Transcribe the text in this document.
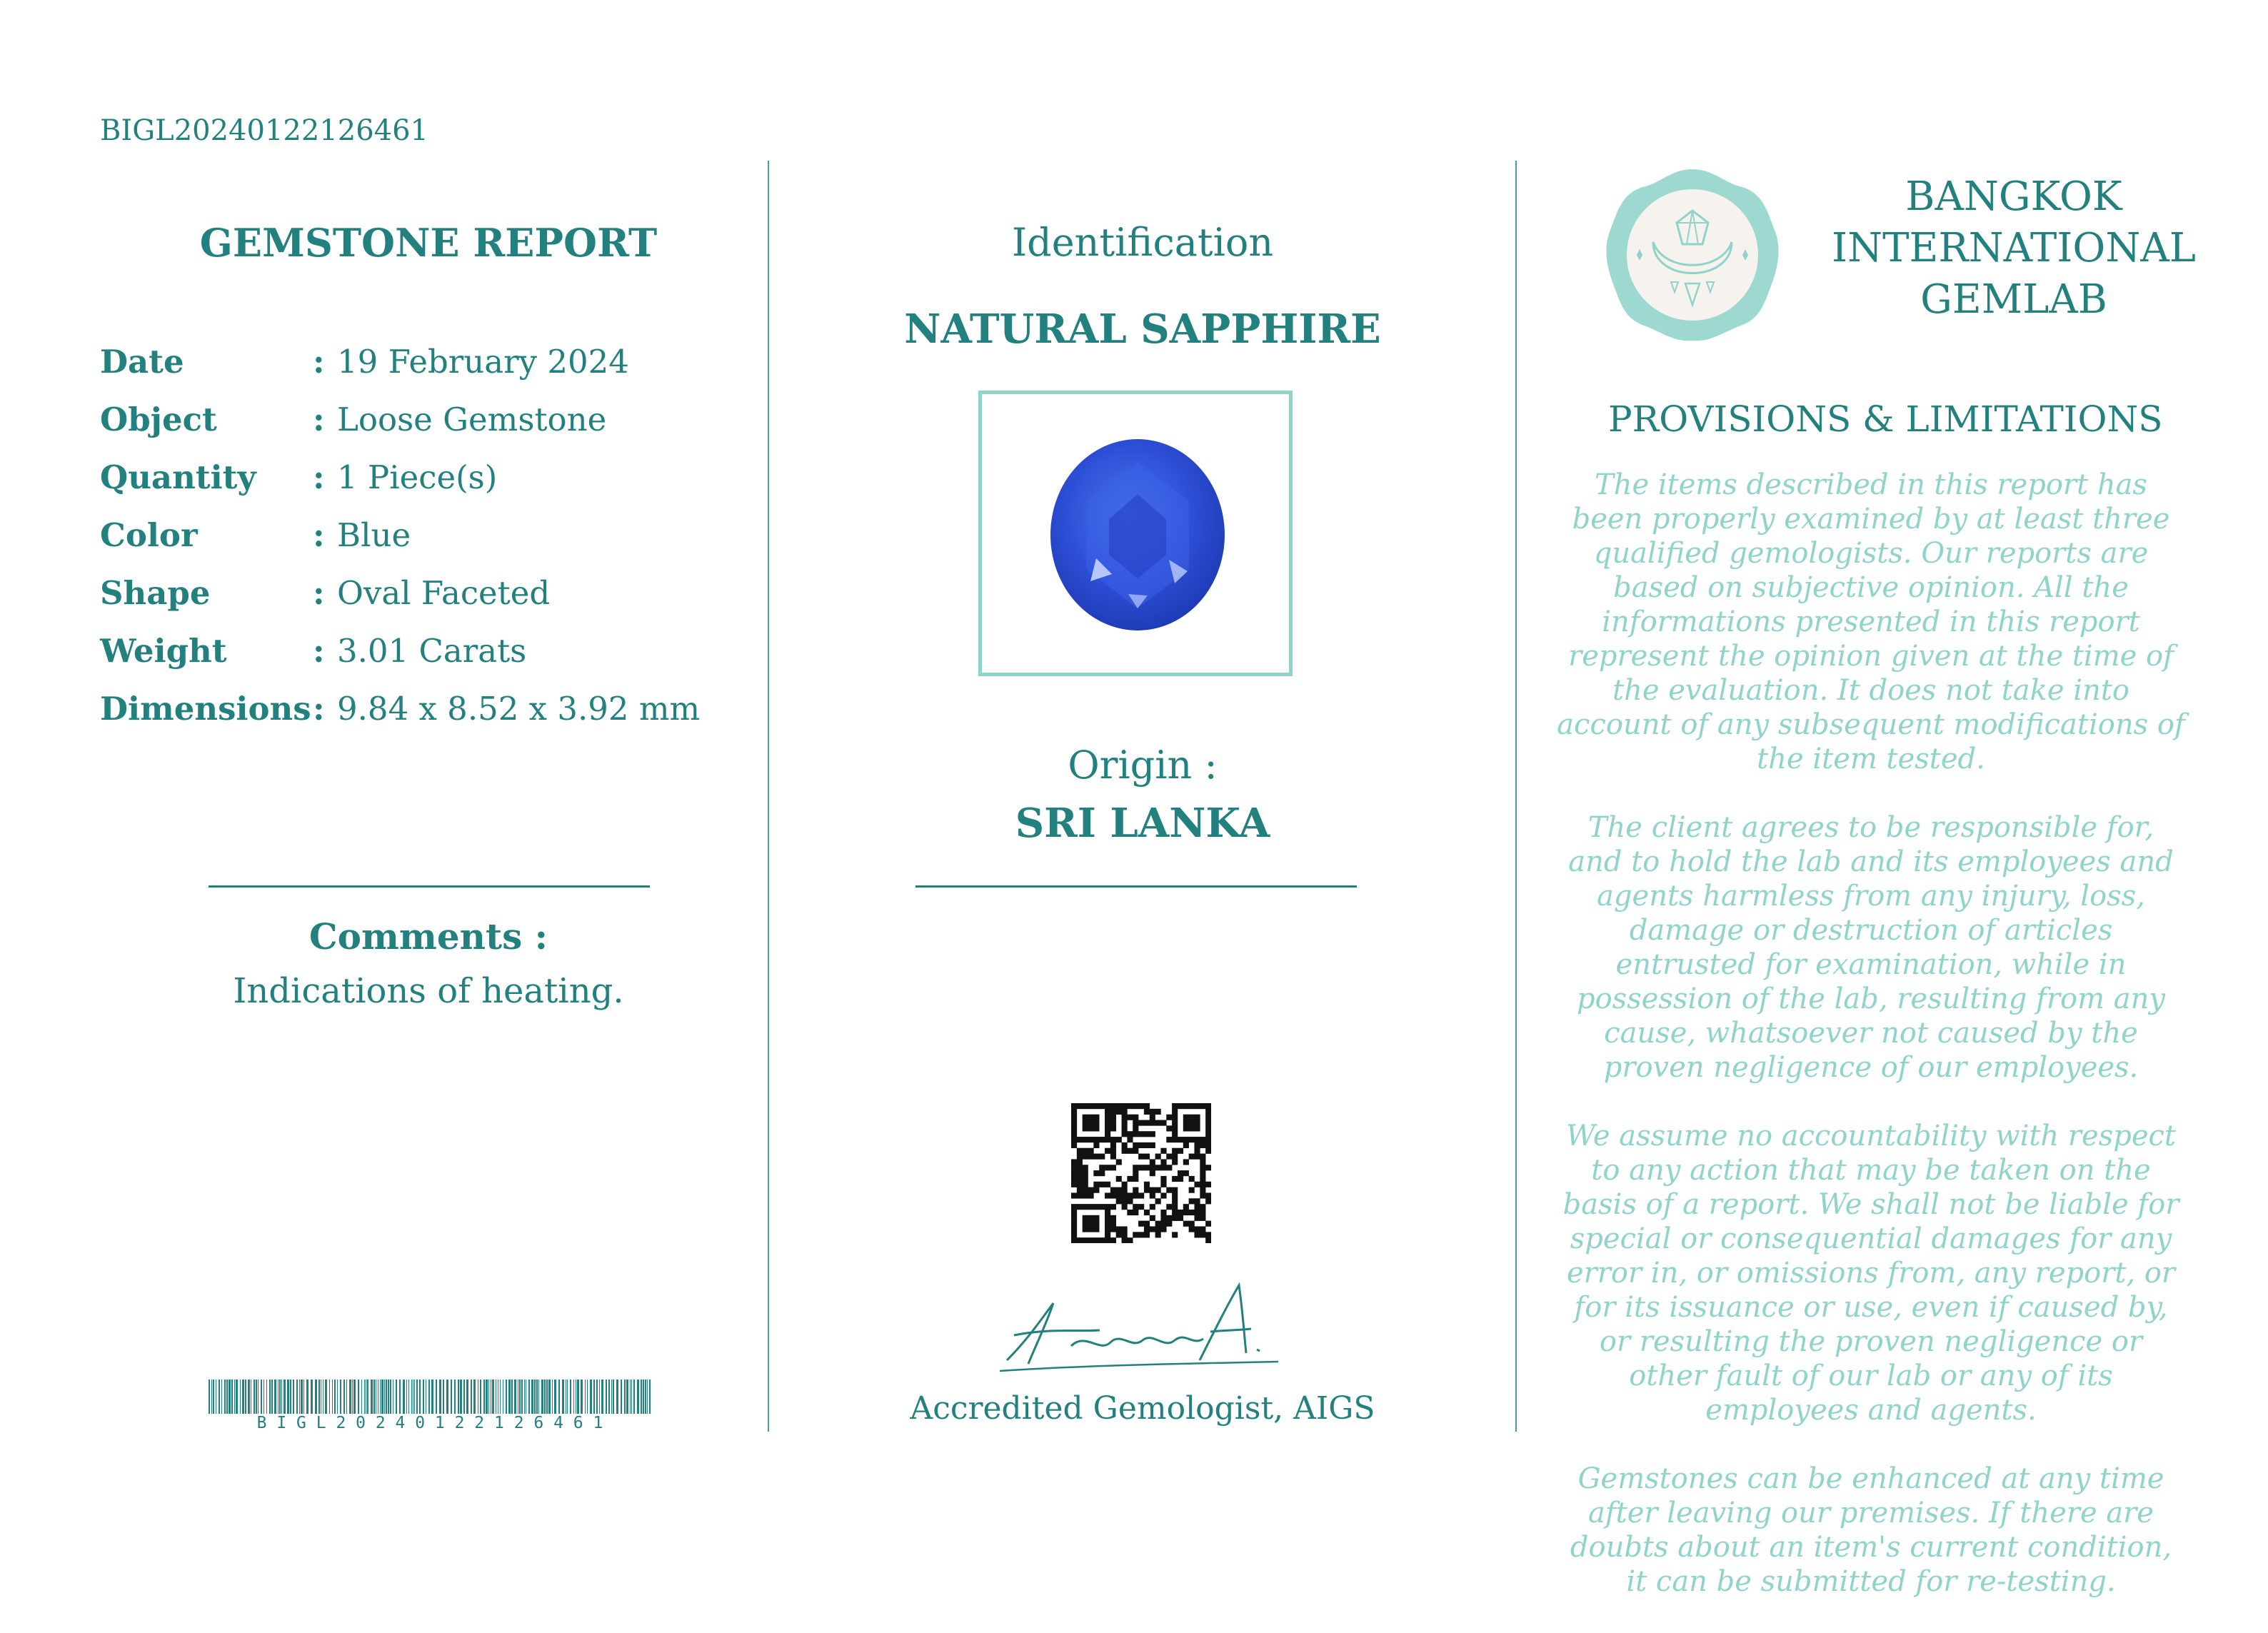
BIGL20240122126461
GEMSTONE REPORT
Date	: 19 February 2024
Object	: Loose Gemstone
Quantity : 1 Piece(s)
Color	: Blue
Shape	: Oval Faceted
Weight	: 3.01 Carats
Dimensions : 9.84 x 8.52 x 3.92 mm
Comments :
Indications of heating.
B I G L 2 0 2 4 0 1 2 2 1 2 6 4 6 1
Identification
NATURAL SAPPHIRE
Origin :
SRI LANKA
Accredited Gemologist, AIGS
BANGKOK
INTERNATIONAL
GEMLAB
PROVISIONS & LIMITATIONS

The items described in this report has been properly examined by at least three qualified gemologists. Our reports are based on subjective opinion. All the informations presented in this report represent the opinion given at the time of the evaluation. It does not take into account of any subsequent modifications of the item tested.

The client agrees to be responsible for, and to hold the lab and its employees and agents harmless from any injury, loss, damage or destruction of articles entrusted for examination, while in possession of the lab, resulting from any cause, whatsoever not caused by the proven negligence of our employees.

We assume no accountability with respect to any action that may be taken on the basis of a report. We shall not be liable for special or consequential damages for any error in, or omissions from, any report, or for its issuance or use, even if caused by, or resulting the proven negligence or other fault of our lab or any of its employees and agents.

Gemstones can be enhanced at any time after leaving our premises. If there are doubts about an item's current condition, it can be submitted for re-testing.
